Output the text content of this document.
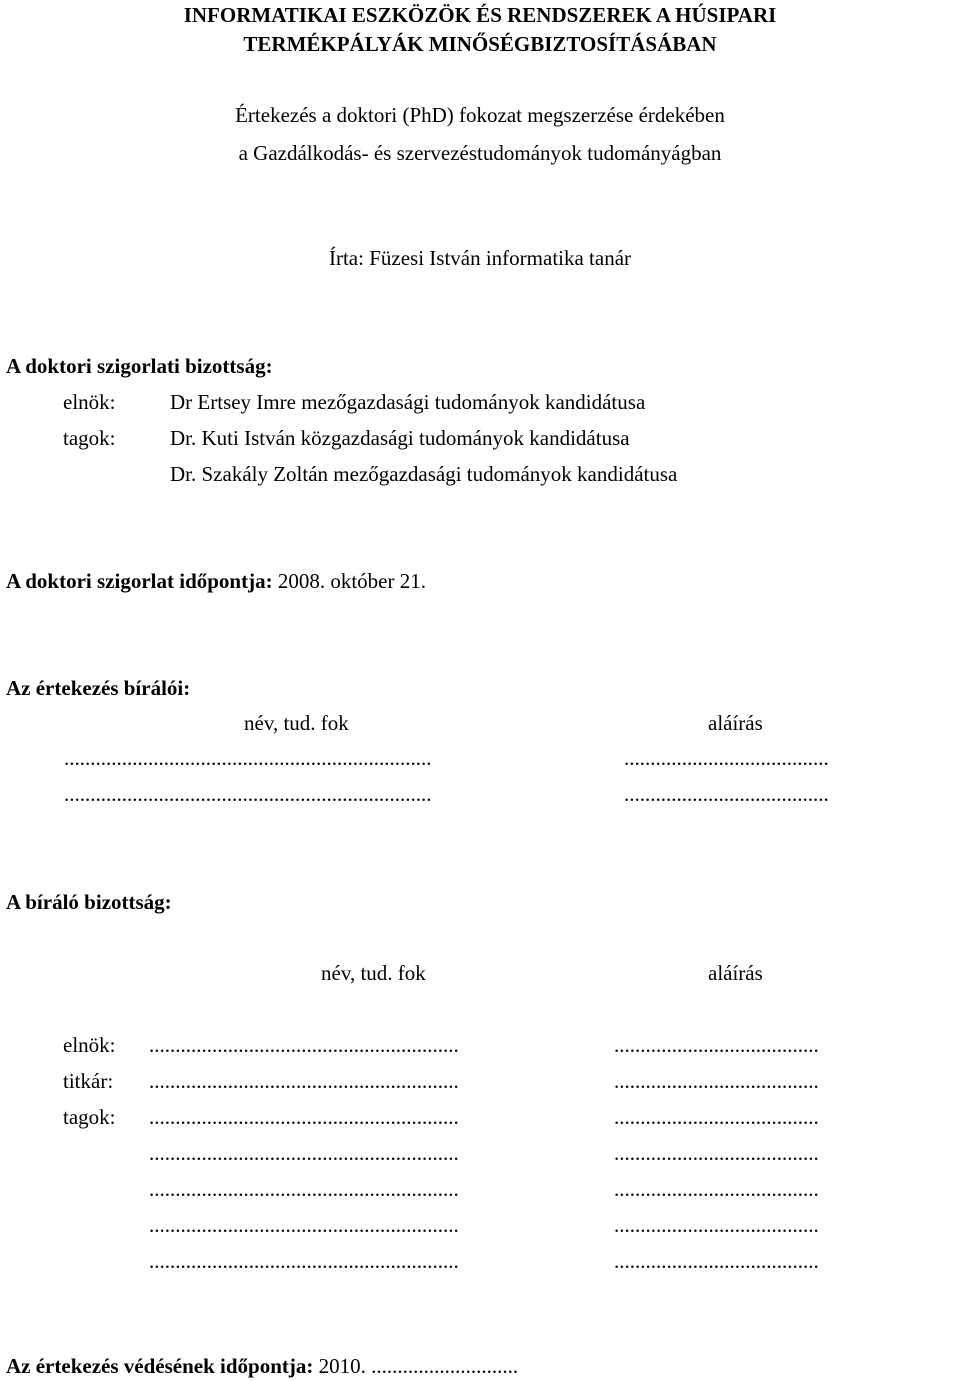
INFORMATIKAI ESZKÖZÖK ÉS RENDSZEREK A HÚSIPARI
TERMÉKPÁLYÁK MINŐSÉGBIZTOSÍTÁSÁBAN
Értekezés a doktori (PhD) fokozat megszerzése érdekében
a Gazdálkodás- és szervezéstudományok tudományágban
Írta: Füzesi István informatika tanár
A doktori szigorlati bizottság:
elnök:	Dr Ertsey Imre mezőgazdasági tudományok kandidátusa
tagok:	Dr. Kuti István közgazdasági tudományok kandidátusa
Dr. Szakály Zoltán mezőgazdasági tudományok kandidátusa
A doktori szigorlat időpontja: 2008. október 21.
Az értekezés bírálói:
név, tud. fok	aláírás
......................................................................	.......................................
......................................................................	.......................................
A bíráló bizottság:
név, tud. fok	aláírás
elnök: ...........................................................	.......................................
titkár: ...........................................................	.......................................
tagok: ...........................................................	.......................................
...........................................................	.......................................
...........................................................	.......................................
...........................................................	.......................................
...........................................................	.......................................
Az értekezés védésének időpontja: 2010. ............................
